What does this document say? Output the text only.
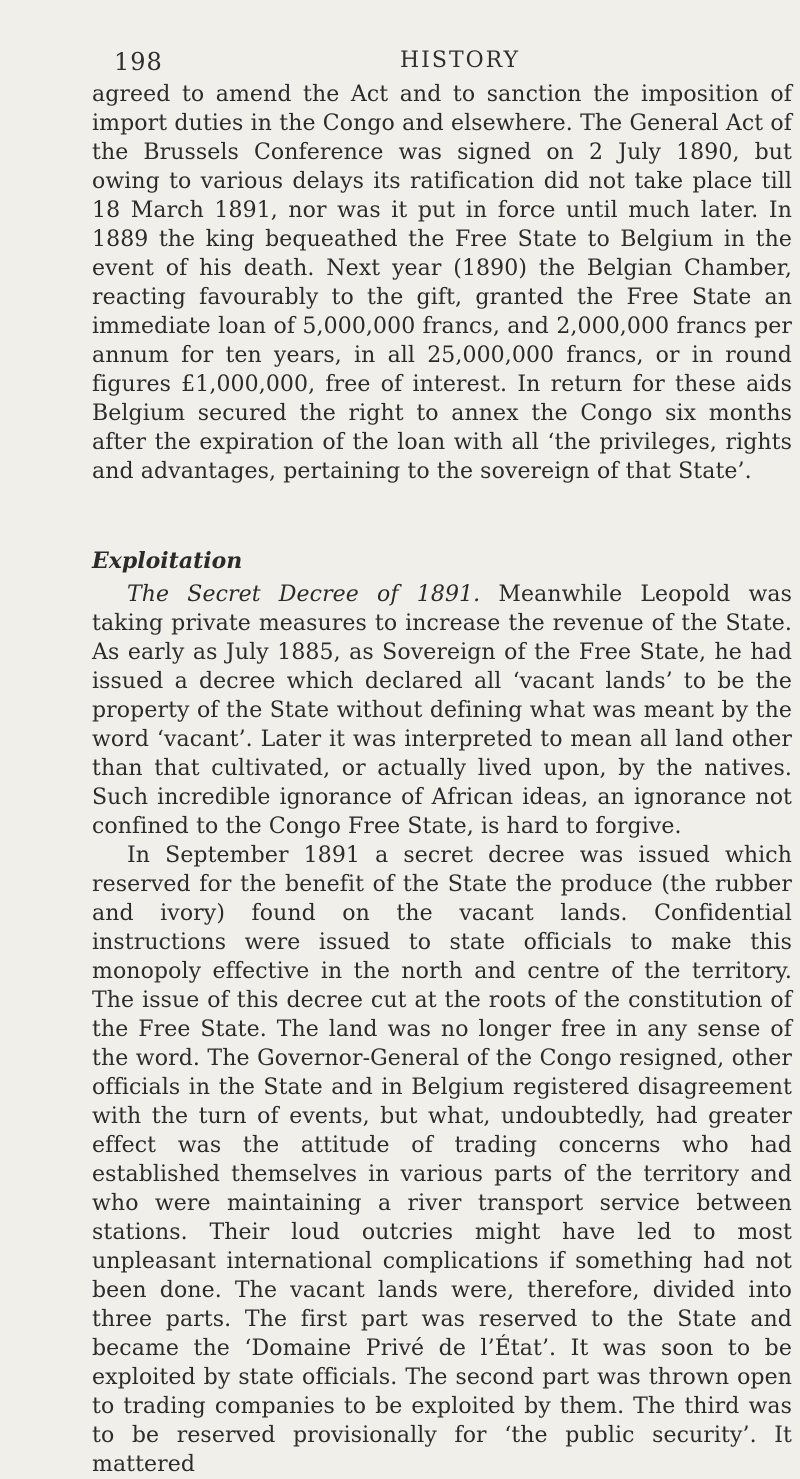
198	HISTORY

agreed to amend the Act and to sanction the imposition of import duties in the Congo and elsewhere. The General Act of the Brussels Conference was signed on 2 July 1890, but owing to various delays its ratification did not take place till 18 March 1891, nor was it put in force until much later. In 1889 the king bequeathed the Free State to Belgium in the event of his death. Next year (1890) the Belgian Chamber, reacting favourably to the gift, granted the Free State an immediate loan of 5,000,000 francs, and 2,000,000 francs per annum for ten years, in all 25,000,000 francs, or in round figures £1,000,000, free of interest. In return for these aids Belgium secured the right to annex the Congo six months after the expiration of the loan with all ‘the privileges, rights and advantages, pertaining to the sovereign of that State’.

Exploitation

The Secret Decree of 1891. Meanwhile Leopold was taking private measures to increase the revenue of the State. As early as July 1885, as Sovereign of the Free State, he had issued a decree which declared all ‘vacant lands’ to be the property of the State without defining what was meant by the word ‘vacant’. Later it was interpreted to mean all land other than that cultivated, or actually lived upon, by the natives. Such incredible ignorance of African ideas, an ignorance not confined to the Congo Free State, is hard to forgive.

In September 1891 a secret decree was issued which reserved for the benefit of the State the produce (the rubber and ivory) found on the vacant lands. Confidential instructions were issued to state officials to make this monopoly effective in the north and centre of the territory. The issue of this decree cut at the roots of the constitution of the Free State. The land was no longer free in any sense of the word. The Governor-General of the Congo resigned, other officials in the State and in Belgium registered disagreement with the turn of events, but what, undoubtedly, had greater effect was the attitude of trading concerns who had established themselves in various parts of the territory and who were maintaining a river transport service between stations. Their loud outcries might have led to most unpleasant international complications if something had not been done. The vacant lands were, therefore, divided into three parts. The first part was reserved to the State and became the ‘Domaine Privé de l’État’. It was soon to be exploited by state officials. The second part was thrown open to trading companies to be exploited by them. The third was to be reserved provisionally for ‘the public security’. It mattered
